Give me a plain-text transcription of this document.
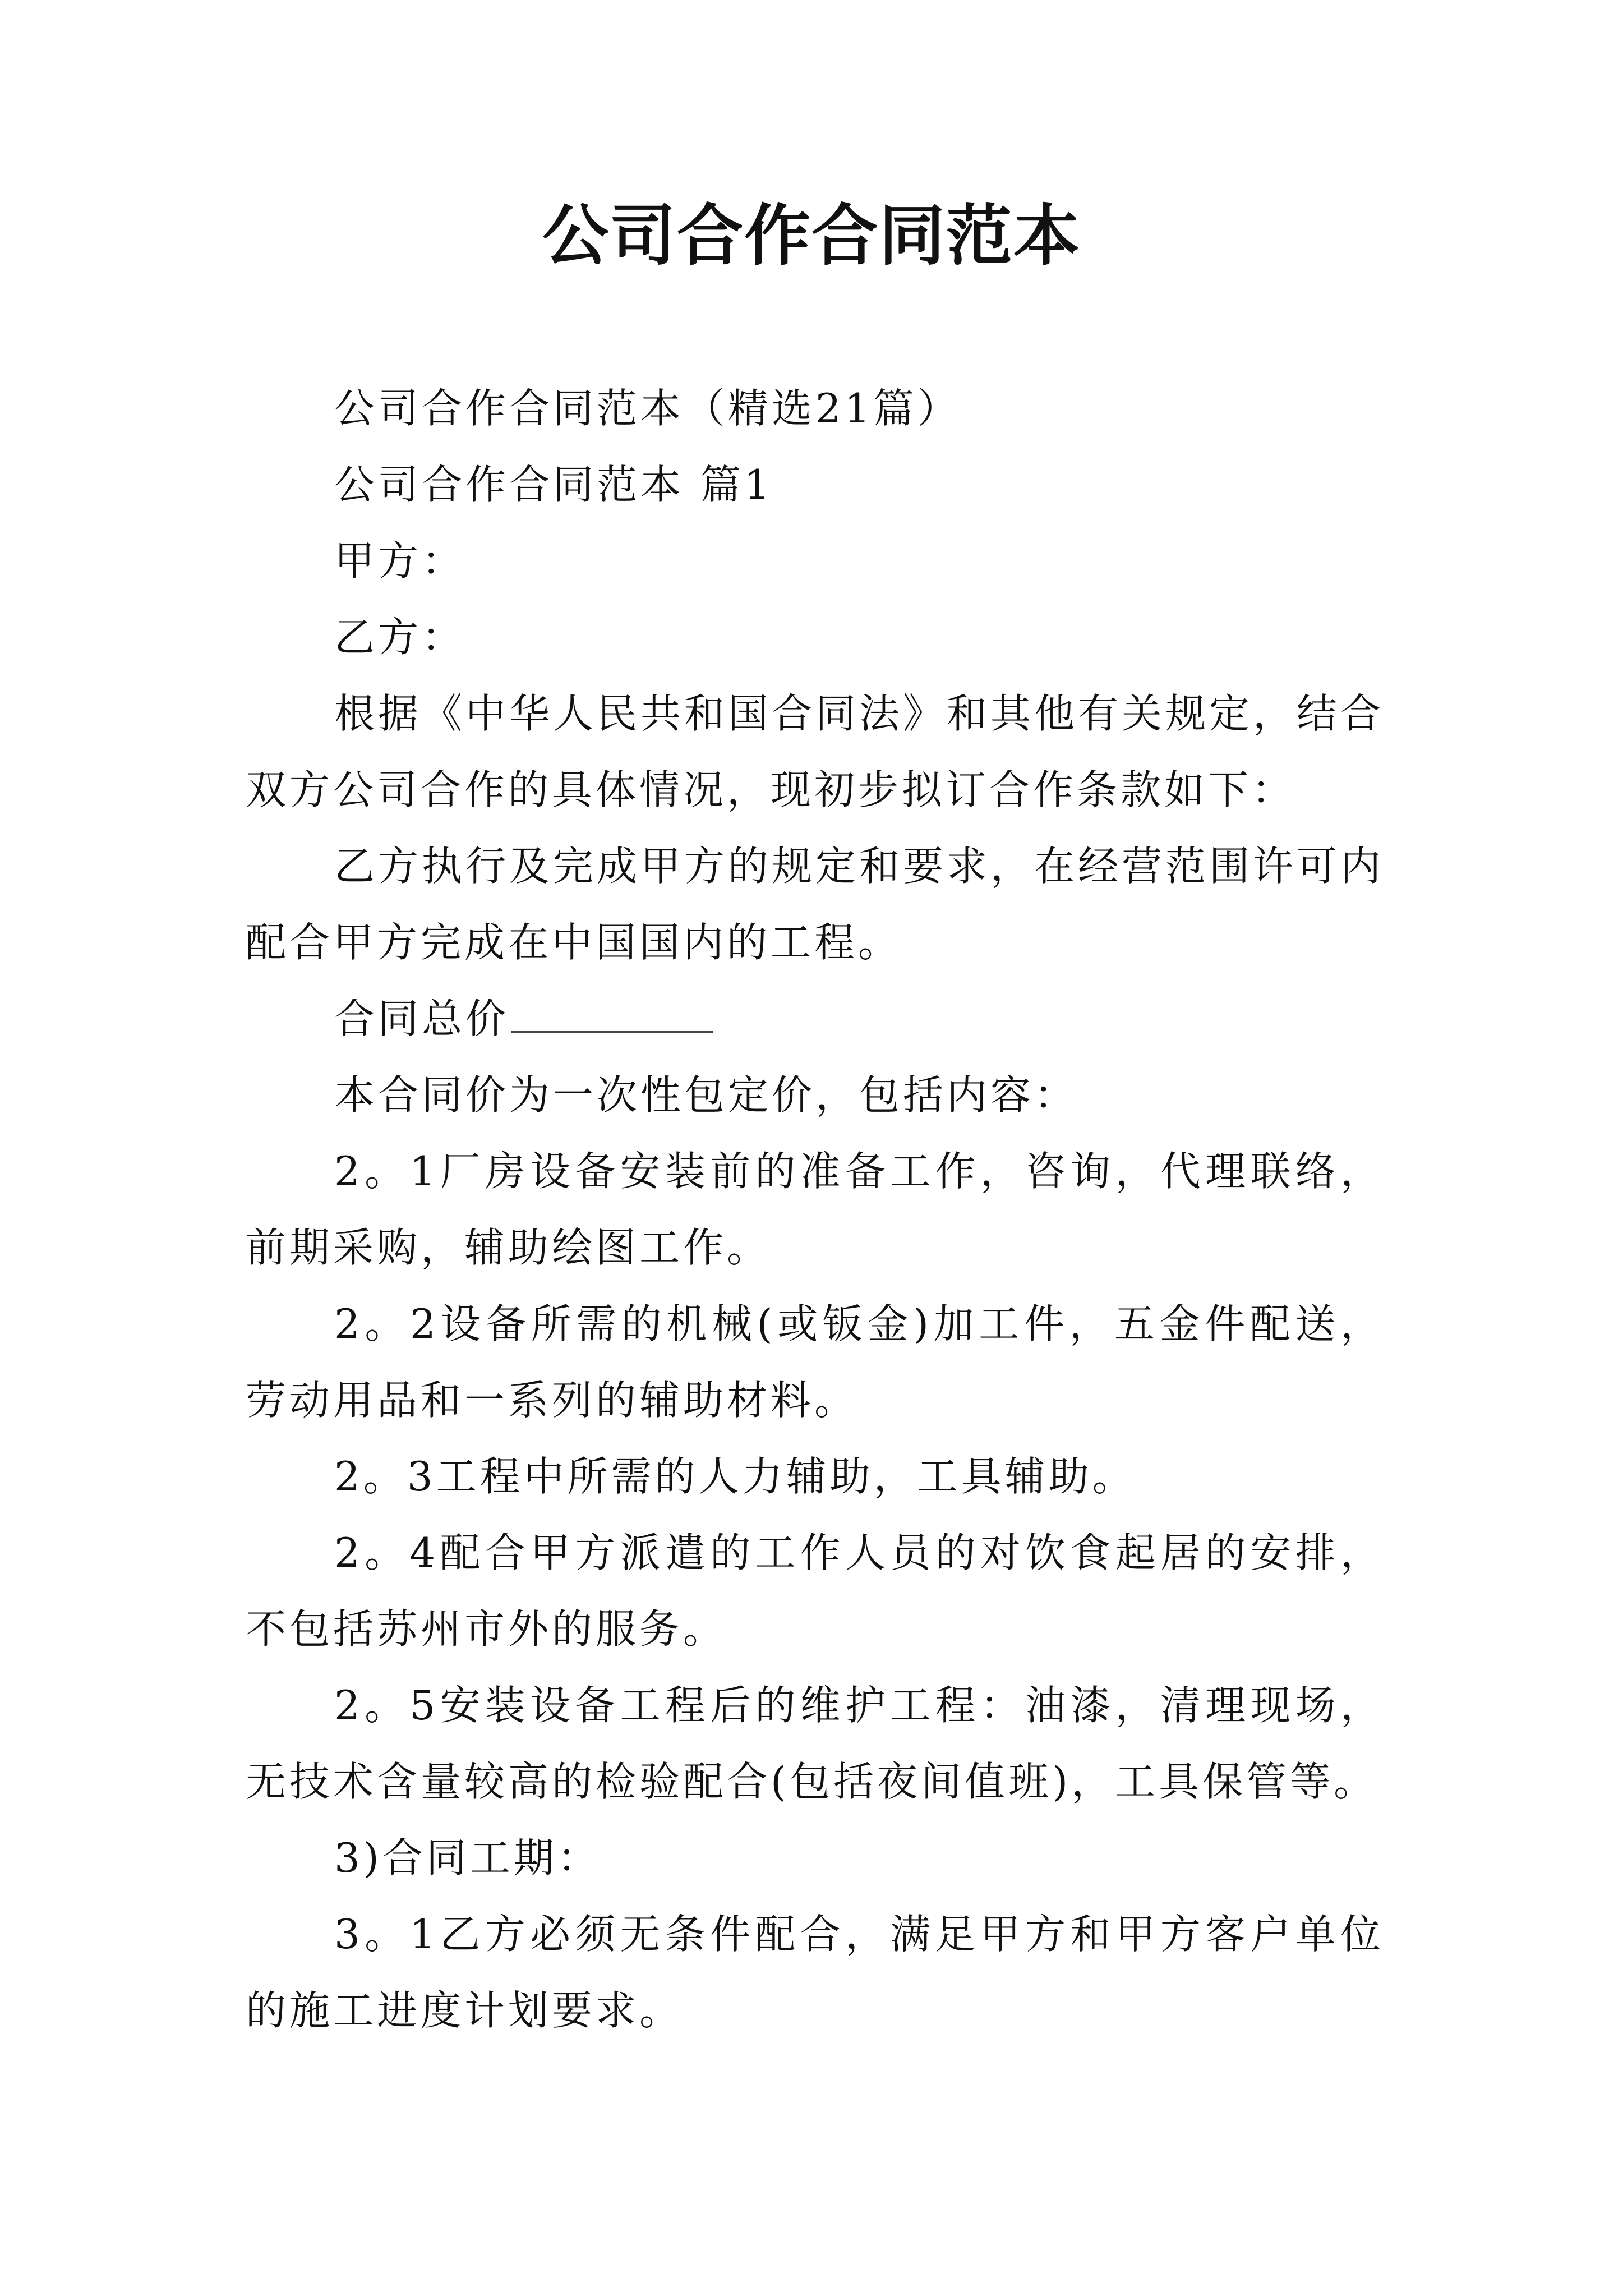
公司合作合同范本

公司合作合同范本（精选21篇）

公司合作合同范本 篇1

甲方：

乙方：

根据《中华人民共和国合同法》和其他有关规定，结合双方公司合作的具体情况，现初步拟订合作条款如下：

乙方执行及完成甲方的规定和要求，在经营范围许可内配合甲方完成在中国国内的工程。

合同总价

本合同价为一次性包定价，包括内容：

2。1厂房设备安装前的准备工作，咨询，代理联络，前期采购，辅助绘图工作。

2。2设备所需的机械(或钣金)加工件，五金件配送，劳动用品和一系列的辅助材料。

2。3工程中所需的人力辅助，工具辅助。

2。4配合甲方派遣的工作人员的对饮食起居的安排，不包括苏州市外的服务。

2。5安装设备工程后的维护工程：油漆，清理现场，无技术含量较高的检验配合(包括夜间值班)，工具保管等。

3)合同工期：

3。1乙方必须无条件配合，满足甲方和甲方客户单位的施工进度计划要求。
